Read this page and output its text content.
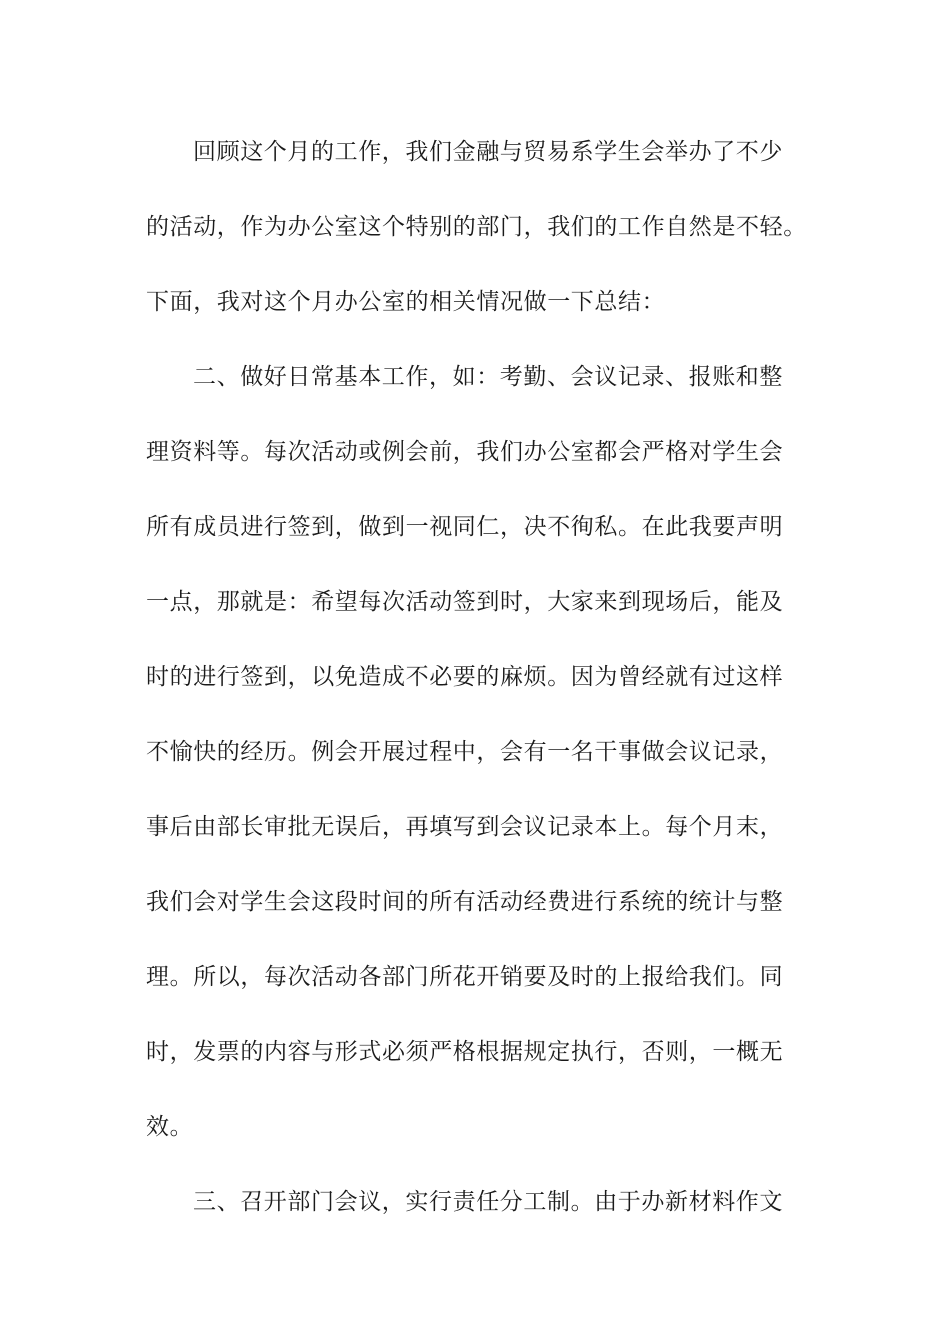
回顾这个月的工作，我们金融与贸易系学生会举办了不少
的活动，作为办公室这个特别的部门，我们的工作自然是不轻。
下面，我对这个月办公室的相关情况做一下总结：
二、做好日常基本工作，如：考勤、会议记录、报账和整
理资料等。每次活动或例会前，我们办公室都会严格对学生会
所有成员进行签到，做到一视同仁，决不徇私。在此我要声明
一点，那就是：希望每次活动签到时，大家来到现场后，能及
时的进行签到，以免造成不必要的麻烦。因为曾经就有过这样
不愉快的经历。例会开展过程中，会有一名干事做会议记录，
事后由部长审批无误后，再填写到会议记录本上。每个月末，
我们会对学生会这段时间的所有活动经费进行系统的统计与整
理。所以，每次活动各部门所花开销要及时的上报给我们。同
时，发票的内容与形式必须严格根据规定执行，否则，一概无
效。
三、召开部门会议，实行责任分工制。由于办新材料作文
